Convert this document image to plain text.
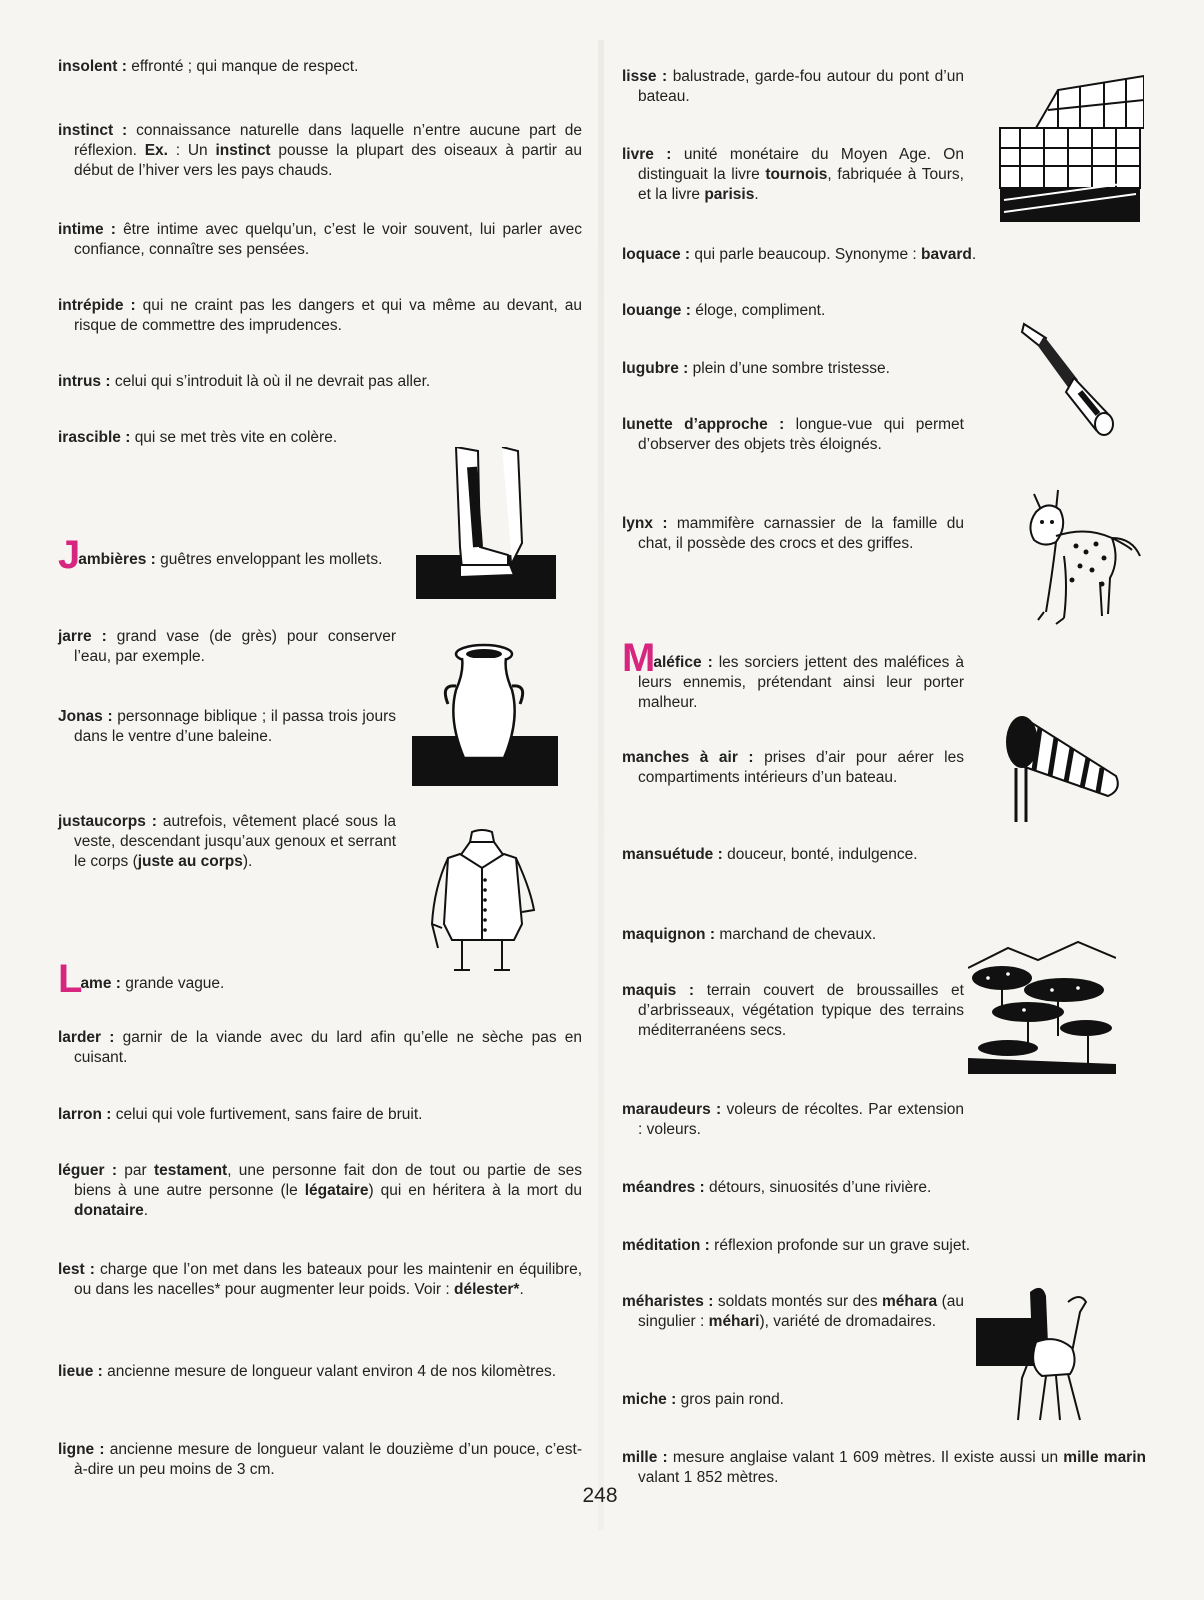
insolent : effronté ; qui manque de respect.
instinct : connaissance naturelle dans laquelle n’entre aucune part de réflexion. Ex. : Un instinct pousse la plupart des oiseaux à partir au début de l’hiver vers les pays chauds.
intime : être intime avec quelqu’un, c’est le voir souvent, lui parler avec confiance, connaître ses pensées.
intrépide : qui ne craint pas les dangers et qui va même au devant, au risque de commettre des imprudences.
intrus : celui qui s’introduit là où il ne devrait pas aller.
irascible : qui se met très vite en colère.
Jambières : guêtres enveloppant les mollets.
jarre : grand vase (de grès) pour conserver l’eau, par exemple.
Jonas : personnage biblique ; il passa trois jours dans le ventre d’une baleine.
justaucorps : autrefois, vêtement placé sous la veste, descendant jusqu’aux genoux et serrant le corps (juste au corps).
Lame : grande vague.
larder : garnir de la viande avec du lard afin qu’elle ne sèche pas en cuisant.
larron : celui qui vole furtivement, sans faire de bruit.
léguer : par testament, une personne fait don de tout ou partie de ses biens à une autre personne (le légataire) qui en héritera à la mort du donataire.
lest : charge que l’on met dans les bateaux pour les maintenir en équilibre, ou dans les nacelles* pour augmenter leur poids. Voir : délester*.
lieue : ancienne mesure de longueur valant environ 4 de nos kilomètres.
ligne : ancienne mesure de longueur valant le douzième d’un pouce, c’est-à-dire un peu moins de 3 cm.
lisse : balustrade, garde-fou autour du pont d’un bateau.
livre : unité monétaire du Moyen Age. On distinguait la livre tournois, fabriquée à Tours, et la livre parisis.
loquace : qui parle beaucoup. Synonyme : bavard.
louange : éloge, compliment.
lugubre : plein d’une sombre tristesse.
lunette d’approche : longue-vue qui permet d’observer des objets très éloignés.
lynx : mammifère carnassier de la famille du chat, il possède des crocs et des griffes.
Maléfice : les sorciers jettent des maléfices à leurs ennemis, prétendant ainsi leur porter malheur.
manches à air : prises d’air pour aérer les compartiments intérieurs d’un bateau.
mansuétude : douceur, bonté, indulgence.
maquignon : marchand de chevaux.
maquis : terrain couvert de broussailles et d’arbrisseaux, végétation typique des terrains méditerranéens secs.
maraudeurs : voleurs de récoltes. Par extension : voleurs.
méandres : détours, sinuosités d’une rivière.
méditation : réflexion profonde sur un grave sujet.
méharistes : soldats montés sur des méhara (au singulier : méhari), variété de dromadaires.
miche : gros pain rond.
mille : mesure anglaise valant 1 609 mètres. Il existe aussi un mille marin valant 1 852 mètres.
248
